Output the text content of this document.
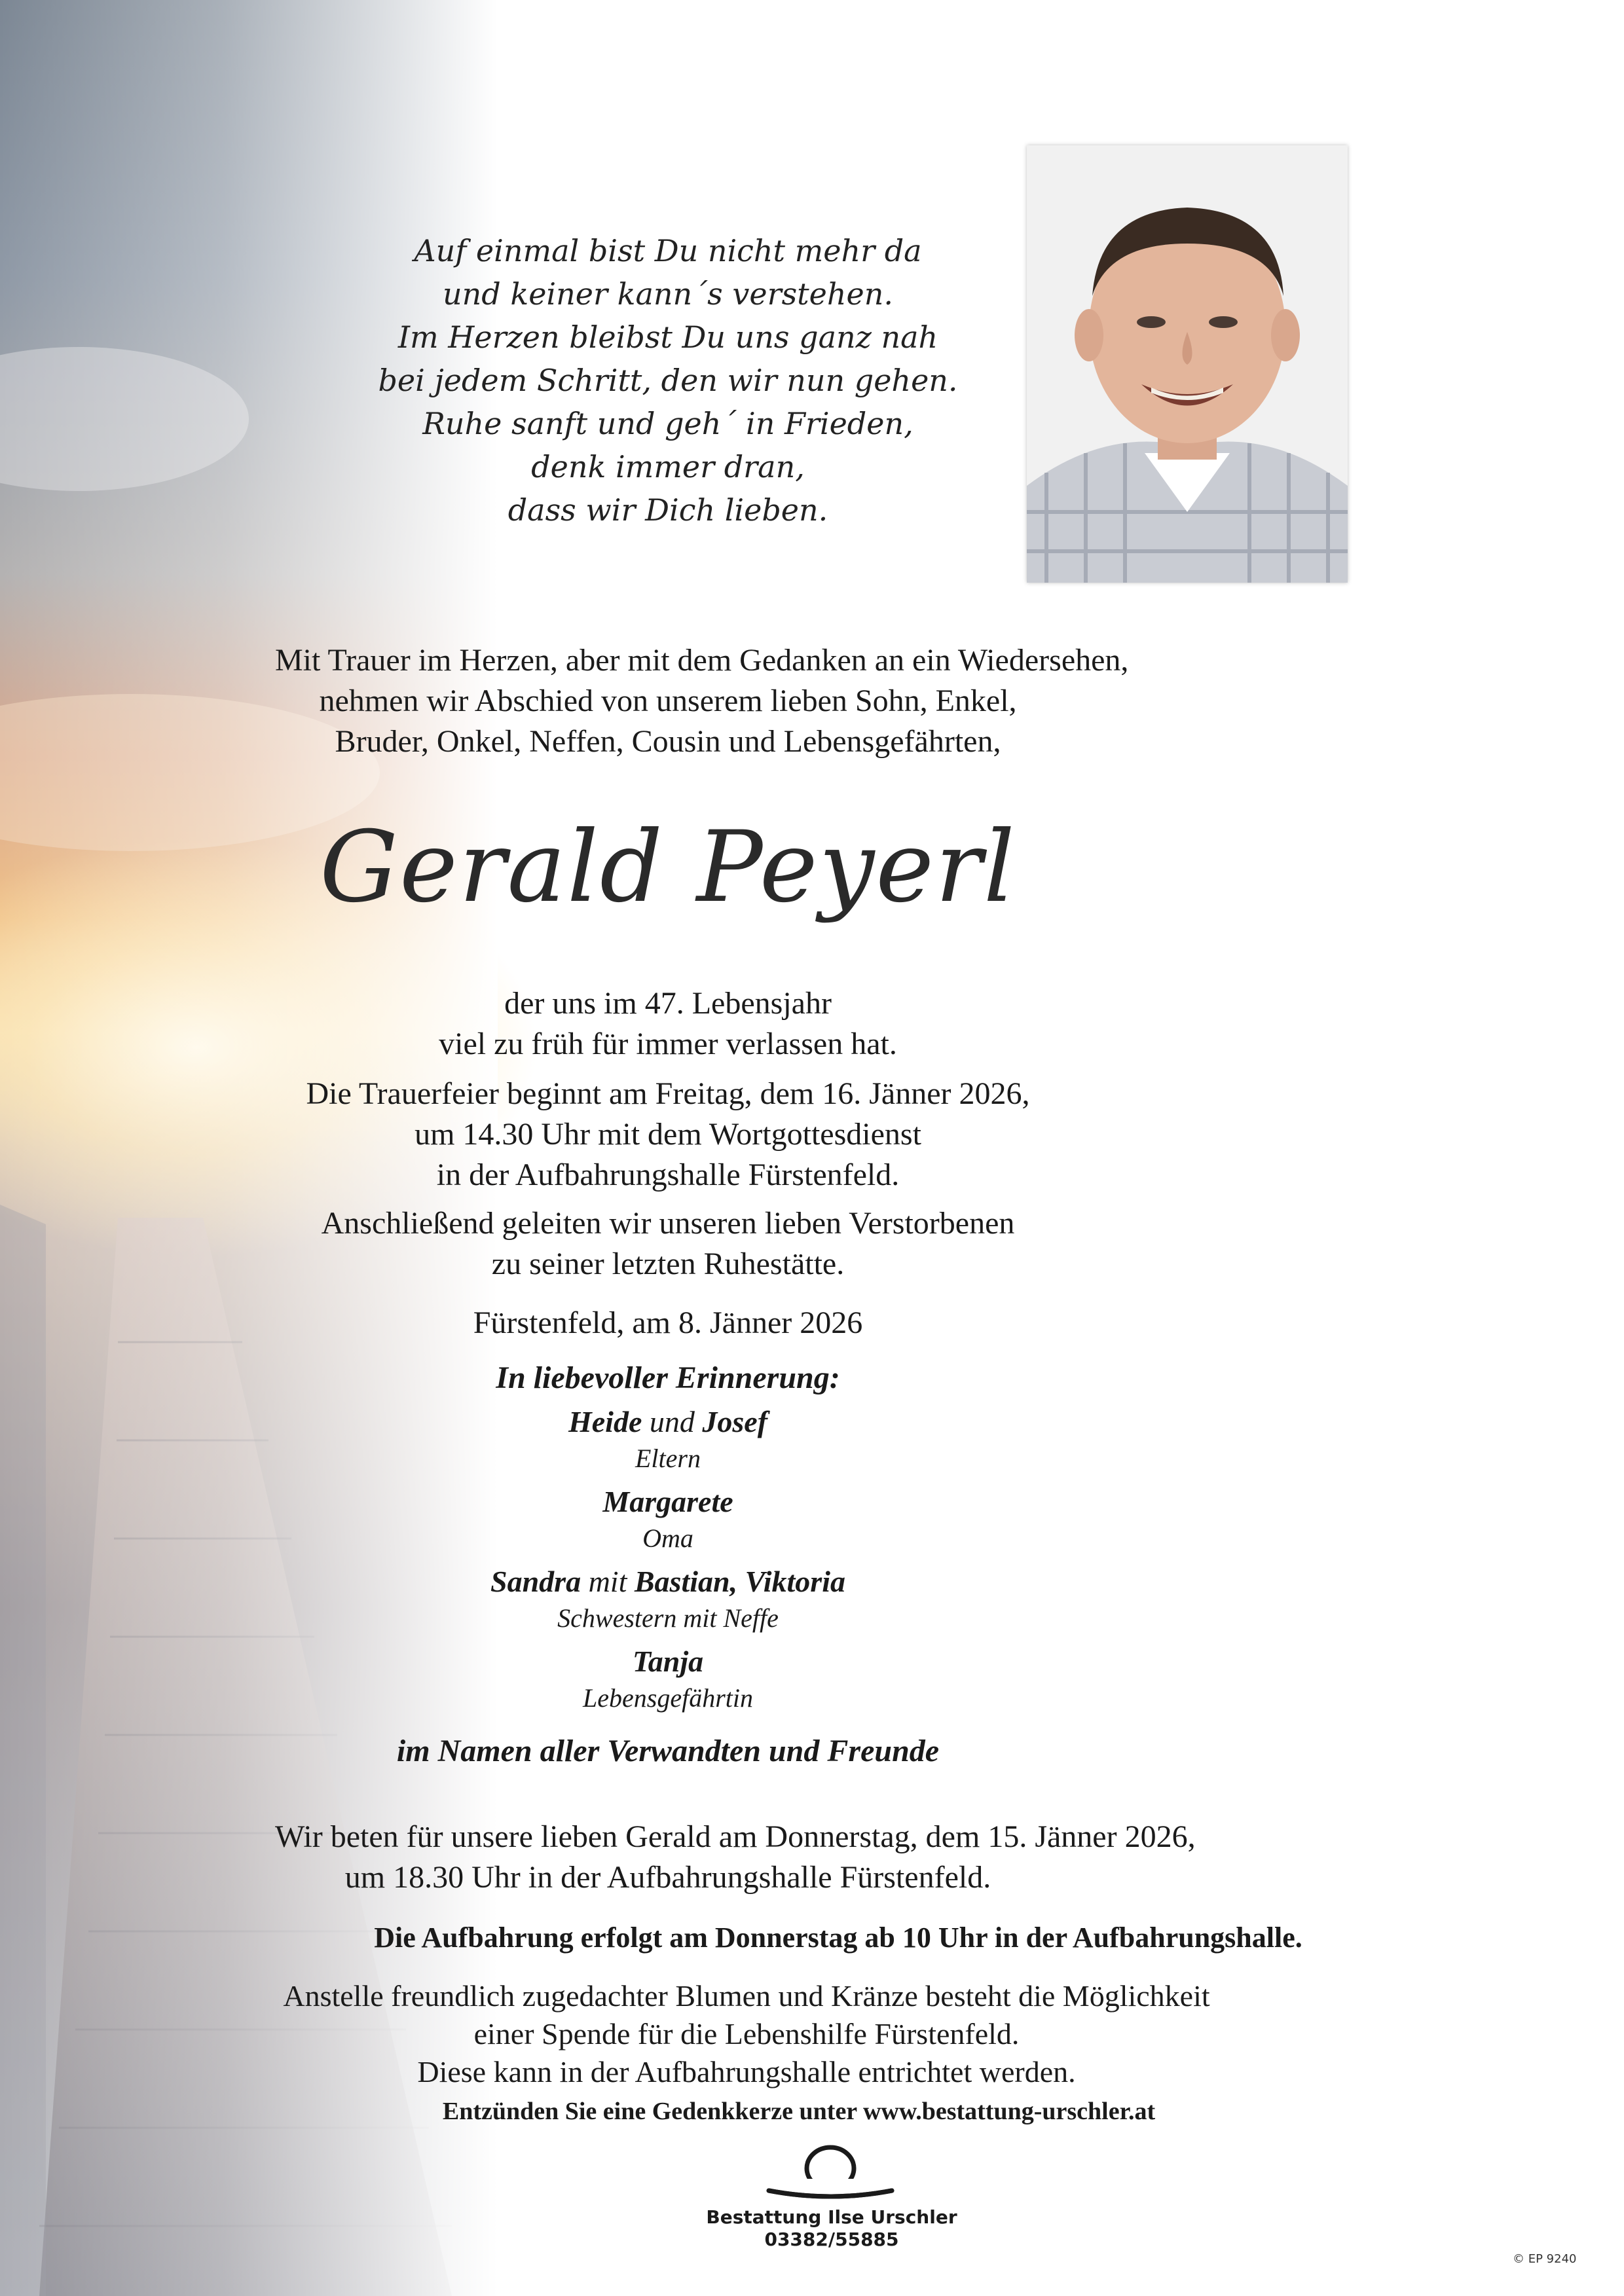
Auf einmal bist Du nicht mehr da
und keiner kann´s verstehen.
Im Herzen bleibst Du uns ganz nah
bei jedem Schritt, den wir nun gehen.
Ruhe sanft und geh´ in Frieden,
denk immer dran,
dass wir Dich lieben.
Mit Trauer im Herzen, aber mit dem Gedanken an ein Wiedersehen,
nehmen wir Abschied von unserem lieben Sohn, Enkel,
Bruder, Onkel, Neffen, Cousin und Lebensgefährten,
Gerald Peyerl
der uns im 47. Lebensjahr
viel zu früh für immer verlassen hat.
Die Trauerfeier beginnt am Freitag, dem 16. Jänner 2026,
um 14.30 Uhr mit dem Wortgottesdienst
in der Aufbahrungshalle Fürstenfeld.
Anschließend geleiten wir unseren lieben Verstorbenen
zu seiner letzten Ruhestätte.
Fürstenfeld, am 8. Jänner 2026
In liebevoller Erinnerung:
Heide und Josef
Eltern
Margarete
Oma
Sandra mit Bastian, Viktoria
Schwestern mit Neffe
Tanja
Lebensgefährtin
im Namen aller Verwandten und Freunde
Wir beten für unsere lieben Gerald am Donnerstag, dem 15. Jänner 2026,
um 18.30 Uhr in der Aufbahrungshalle Fürstenfeld.
Die Aufbahrung erfolgt am Donnerstag ab 10 Uhr in der Aufbahrungshalle.
Anstelle freundlich zugedachter Blumen und Kränze besteht die Möglichkeit
einer Spende für die Lebenshilfe Fürstenfeld.
Diese kann in der Aufbahrungshalle entrichtet werden.
Entzünden Sie eine Gedenkkerze unter www.bestattung-urschler.at
Bestattung Ilse Urschler
03382/55885
© EP 9240
